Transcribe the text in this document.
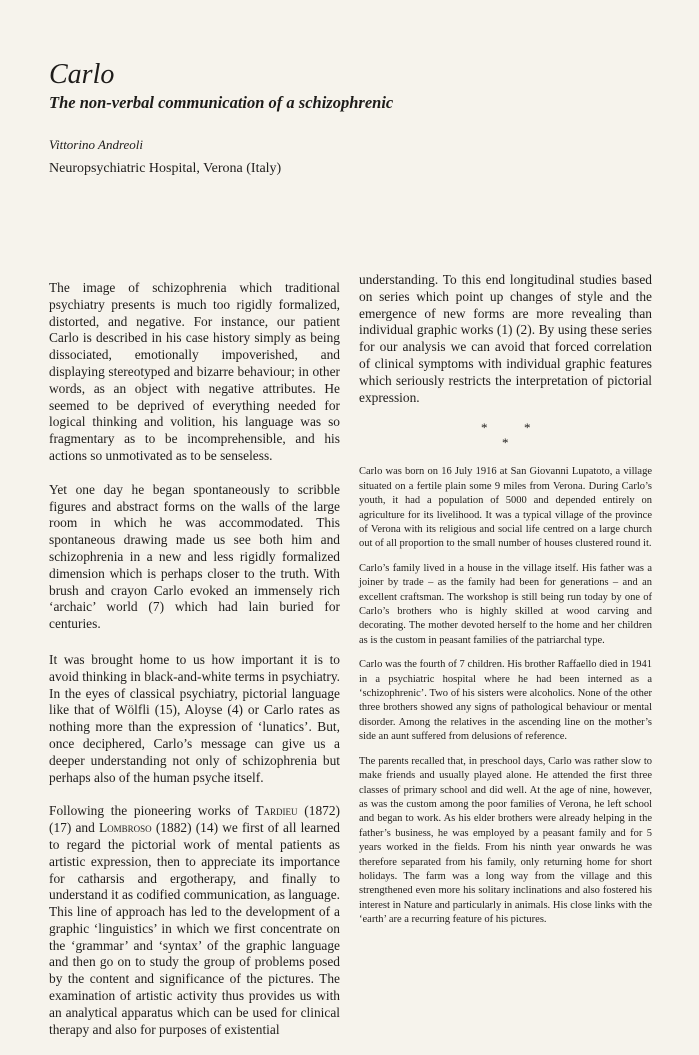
Carlo
The non-verbal communication of a schizophrenic
Vittorino Andreoli
Neuropsychiatric Hospital, Verona (Italy)

The image of schizophrenia which traditional psychiatry presents is much too rigidly formalized, distorted, and negative. For instance, our patient Carlo is described in his case history simply as being dissociated, emotionally impoverished, and displaying stereotyped and bizarre behaviour; in other words, as an object with negative attributes. He seemed to be deprived of everything needed for logical thinking and volition, his language was so fragmentary as to be incomprehensible, and his actions so unmotivated as to be senseless.

Yet one day he began spontaneously to scribble figures and abstract forms on the walls of the large room in which he was accommodated. This spontaneous drawing made us see both him and schizophrenia in a new and less rigidly formalized dimension which is perhaps closer to the truth. With brush and crayon Carlo evoked an immensely rich ‘archaic’ world (7) which had lain buried for centuries.

It was brought home to us how important it is to avoid thinking in black-and-white terms in psychiatry. In the eyes of classical psychiatry, pictorial language like that of Wölfli (15), Aloyse (4) or Carlo rates as nothing more than the expression of ‘lunatics’. But, once deciphered, Carlo’s message can give us a deeper understanding not only of schizophrenia but perhaps also of the human psyche itself.

Following the pioneering works of Tardieu (1872) (17) and Lombroso (1882) (14) we first of all learned to regard the pictorial work of mental patients as artistic expression, then to appreciate its importance for catharsis and ergotherapy, and finally to understand it as codified communication, as language. This line of approach has led to the development of a graphic ‘linguistics’ in which we first concentrate on the ‘grammar’ and ‘syntax’ of the graphic language and then go on to study the group of problems posed by the content and significance of the pictures. The examination of artistic activity thus provides us with an analytical apparatus which can be used for clinical therapy and also for purposes of existential

understanding. To this end longitudinal studies based on series which point up changes of style and the emergence of new forms are more revealing than individual graphic works (1) (2). By using these series for our analysis we can avoid that forced correlation of clinical symptoms with individual graphic features which seriously restricts the interpretation of pictorial expression.

*	*
*

Carlo was born on 16 July 1916 at San Giovanni Lupatoto, a village situated on a fertile plain some 9 miles from Verona. During Carlo’s youth, it had a population of 5000 and depended entirely on agriculture for its livelihood. It was a typical village of the province of Verona with its religious and social life centred on a large church out of all proportion to the small number of houses clustered round it.

Carlo’s family lived in a house in the village itself. His father was a joiner by trade – as the family had been for generations – and an excellent craftsman. The workshop is still being run today by one of Carlo’s brothers who is highly skilled at wood carving and decorating. The mother devoted herself to the home and her children as is the custom in peasant families of the patriarchal type.

Carlo was the fourth of 7 children. His brother Raffaello died in 1941 in a psychiatric hospital where he had been interned as a ‘schizophrenic’. Two of his sisters were alcoholics. None of the other three brothers showed any signs of pathological behaviour or mental disorder. Among the relatives in the ascending line on the mother’s side an aunt suffered from delusions of reference.

The parents recalled that, in preschool days, Carlo was rather slow to make friends and usually played alone. He attended the first three classes of primary school and did well. At the age of nine, however, as was the custom among the poor families of Verona, he left school and began to work. As his elder brothers were already helping in the father’s business, he was employed by a peasant family and for 5 years worked in the fields. From his ninth year onwards he was therefore separated from his family, only returning home for short holidays. The farm was a long way from the village and this strengthened even more his solitary inclinations and also fostered his interest in Nature and particularly in animals. His close links with the ‘earth’ are a recurring feature of his pictures.
